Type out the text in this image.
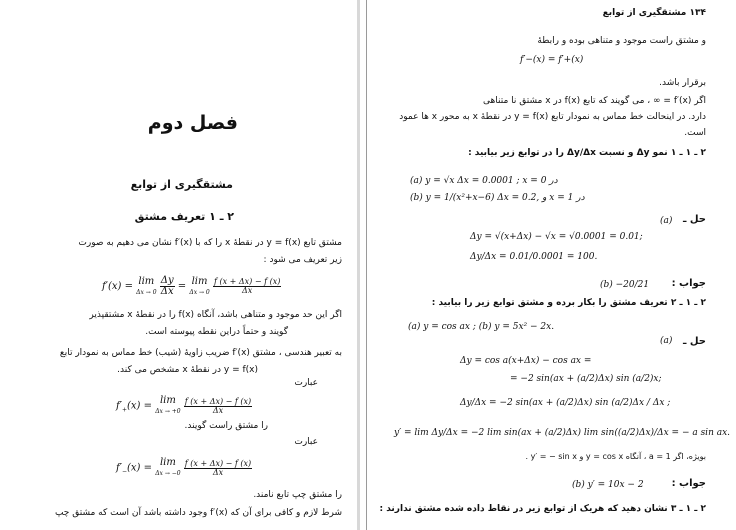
فصل دوم
مشتقگیری از توابع
۲ ـ ۱ تعریف مشتق
مشتق تابع y = f(x) در نقطهٔ x را که با f′(x) نشان می دهیم به صورت
زیر تعریف می شود :
f′(x) = lim
$\Delta x \to 0 \frac{\Delta y}{\Delta x} = \lim$
$\Delta x \to 0 \frac{f (x + \Delta x) - f (x)}{\Delta x}$
اگر این حد موجود و متناهی باشد، آنگاه f(x) را در نقطهٔ x مشتقپذیر
گویند و حتماً دراین نقطه پیوسته است.
به تعبیر هندسی ، مشتق f′(x) ضریب زاویهٔ (شیب) خط مماس به نمودار تابع
y = f(x) در نقطهٔ x مشخص می کند.
عبارت
$f'_+(x) = \lim$
$\Delta x \to +0 \frac{f (x + \Delta x) - f (x)}{\Delta x}$
را مشتق راست گویند.
عبارت
$f'_-(x) = \lim$
$\Delta x \to -0 \frac{f (x + \Delta x) - f (x)}{\Delta x}$
را مشتق چپ تابع نامند.
شرط لازم و کافی برای آن که f′(x) وجود داشته باشد آن است که مشتق چپ
۱۳۴ مشتقگیری از توابع
و مشتق راست موجود و متناهی بوده و رابطهٔ
f′−(x) = f′+(x)
برقرار باشد.
اگر f′(x) = ∞ ، می گویند که تابع f(x) در x مشتق نا متناهی
دارد. در اینحالت خط مماس به نمودار تابع y = f(x) در نقطهٔ x به محور x ها عمود
است.
۲ ـ ۱ ـ ۱ نمو Δy و نسبت Δy/Δx را در توابع زیر بیابید :
(a) y = √x Δx = 0.0001 ; x = 0 در
(b) y = 1/(x²+x−6) Δx = 0.2, و x = 1 در
حل ـ
(a)
Δy = √(x+Δx) − √x = √0.0001 = 0.01;
Δy/Δx = 0.01/0.0001 = 100.
جواب :
(b) −20/21
۲ ـ ۱ ـ ۲ تعریف مشتق را بکار برده و مشتق توابع زیر را بیابید :
(a) y = cos ax ; (b) y = 5x² − 2x.
حل ـ
(a)
Δy = cos a(x+Δx) − cos ax =
= −2 sin(ax + (a/2)Δx) sin (a/2)x;
Δy/Δx = −2 sin(ax + (a/2)Δx) sin (a/2)Δx / Δx ;
y′ = lim Δy/Δx = −2 lim sin(ax + (a/2)Δx) lim sin((a/2)Δx)/Δx = − a sin ax.
بویژه، اگر a = 1 ، آنگاه y = cos x و y′ = − sin x .
جواب :
(b) y′ = 10x − 2
۲ ـ ۱ ـ ۳ نشان دهید که هریک از توابع زیر در نقاط داده شده مشتق ندارند :
